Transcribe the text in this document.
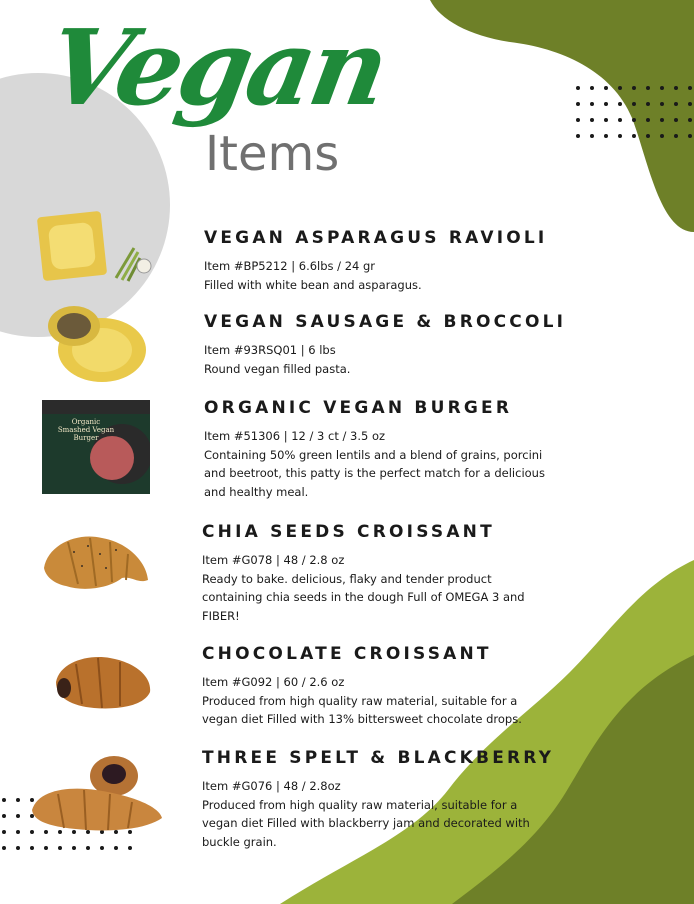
Vegan
Items
Organic
Smashed Vegan
Burger
VEGAN ASPARAGUS RAVIOLI
Item #BP5212 | 6.6lbs / 24 gr
Filled with white bean and asparagus.
VEGAN SAUSAGE & BROCCOLI
Item #93RSQ01 | 6 lbs
Round vegan filled pasta.
ORGANIC VEGAN BURGER
Item #51306 | 12 / 3 ct / 3.5 oz
Containing 50% green lentils and a blend of grains, porcini
and beetroot, this patty is the perfect match for a delicious
and healthy meal.
CHIA SEEDS CROISSANT
Item #G078 | 48 / 2.8 oz
Ready to bake. delicious, flaky and tender product
containing chia seeds in the dough Full of OMEGA 3 and
FIBER!
CHOCOLATE CROISSANT
Item #G092 | 60 / 2.6 oz
Produced from high quality raw material, suitable for a
vegan diet Filled with 13% bittersweet chocolate drops.
THREE SPELT & BLACKBERRY
Item #G076 | 48 / 2.8oz
Produced from high quality raw material, suitable for a
vegan diet Filled with blackberry jam and decorated with
buckle grain.
